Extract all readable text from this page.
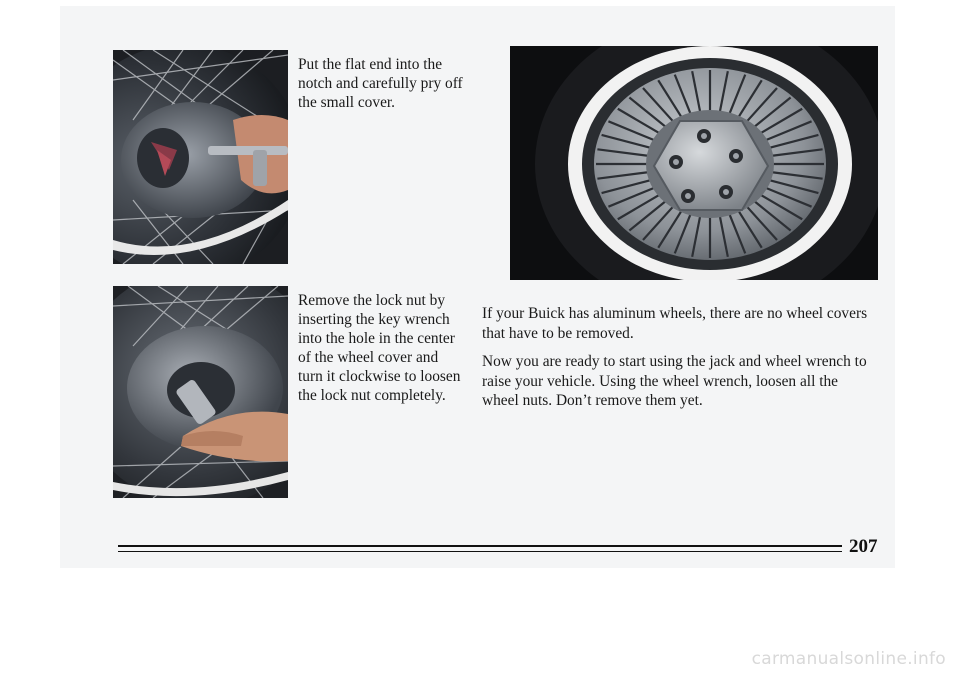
Put the flat end into the notch and carefully pry off the small cover.

Remove the lock nut by inserting the key wrench into the hole in the center of the wheel cover and turn it clockwise to loosen the lock nut completely.

If your Buick has aluminum wheels, there are no wheel covers that have to be removed.

Now you are ready to start using the jack and wheel wrench to raise your vehicle. Using the wheel wrench, loosen all the wheel nuts. Don’t remove them yet.

207
carmanualsonline.info
